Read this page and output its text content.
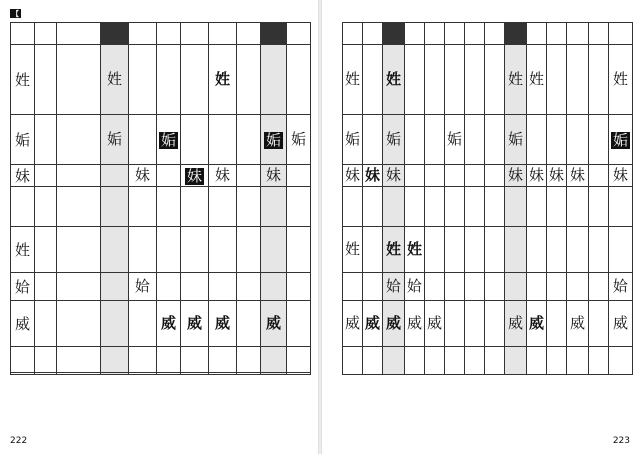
【

姓			姓				姓			

姤			姤		姤				姤	姤

妹				妹		妹	妹		妹	

姓	

姶				姶						

威					威	威	威		威	

222

姓		姓						姓	姓				姓

姤		姤			姤			姤					姤

妹	妹	妹						妹	妹	妹	妹		妹

姓		姓	姓										

		姶	姶										姶

威	威	威	威	威				威	威		威		威

223
